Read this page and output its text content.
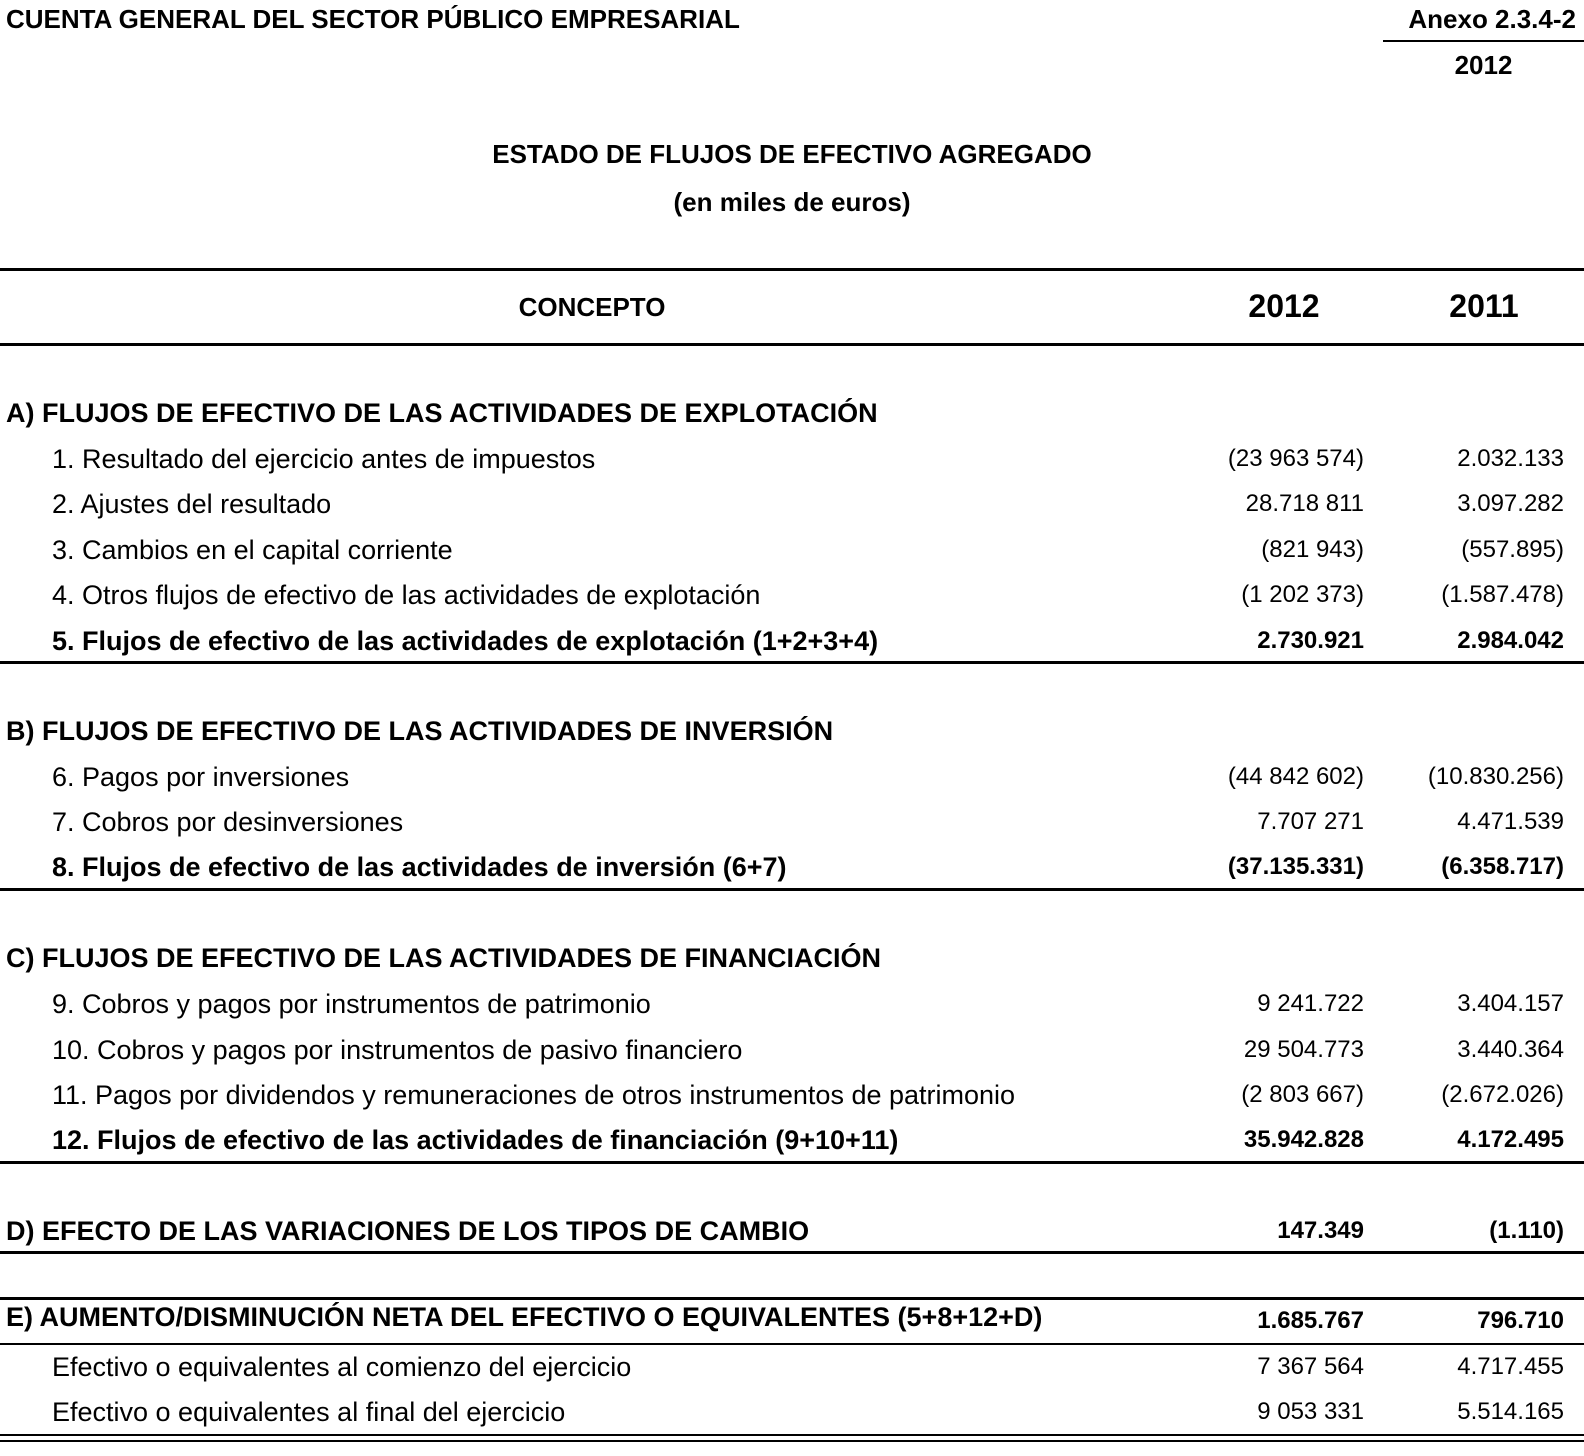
CUENTA GENERAL DEL SECTOR PÚBLICO EMPRESARIAL	Anexo 2.3.4-2
2012
ESTADO DE FLUJOS DE EFECTIVO AGREGADO
(en miles de euros)
CONCEPTO	2012	2011
A) FLUJOS DE EFECTIVO DE LAS ACTIVIDADES DE EXPLOTACIÓN
1. Resultado del ejercicio antes de impuestos	(23 963 574)	2.032.133
2. Ajustes del resultado	28.718 811	3.097.282
3. Cambios en el capital corriente	(821 943)	(557.895)
4. Otros flujos de efectivo de las actividades de explotación	(1 202 373)	(1.587.478)
5. Flujos de efectivo de las actividades de explotación (1+2+3+4)	2.730.921	2.984.042
B) FLUJOS DE EFECTIVO DE LAS ACTIVIDADES DE INVERSIÓN
6. Pagos por inversiones	(44 842 602)	(10.830.256)
7. Cobros por desinversiones	7.707 271	4.471.539
8. Flujos de efectivo de las actividades de inversión (6+7)	(37.135.331)	(6.358.717)
C) FLUJOS DE EFECTIVO DE LAS ACTIVIDADES DE FINANCIACIÓN
9. Cobros y pagos por instrumentos de patrimonio	9 241.722	3.404.157
10. Cobros y pagos por instrumentos de pasivo financiero	29 504.773	3.440.364
11. Pagos por dividendos y remuneraciones de otros instrumentos de patrimonio	(2 803 667)	(2.672.026)
12. Flujos de efectivo de las actividades de financiación (9+10+11)	35.942.828	4.172.495
D) EFECTO DE LAS VARIACIONES DE LOS TIPOS DE CAMBIO	147.349	(1.110)
E) AUMENTO/DISMINUCIÓN NETA DEL EFECTIVO O EQUIVALENTES (5+8+12+D)	1.685.767	796.710
Efectivo o equivalentes al comienzo del ejercicio	7 367 564	4.717.455
Efectivo o equivalentes al final del ejercicio	9 053 331	5.514.165
